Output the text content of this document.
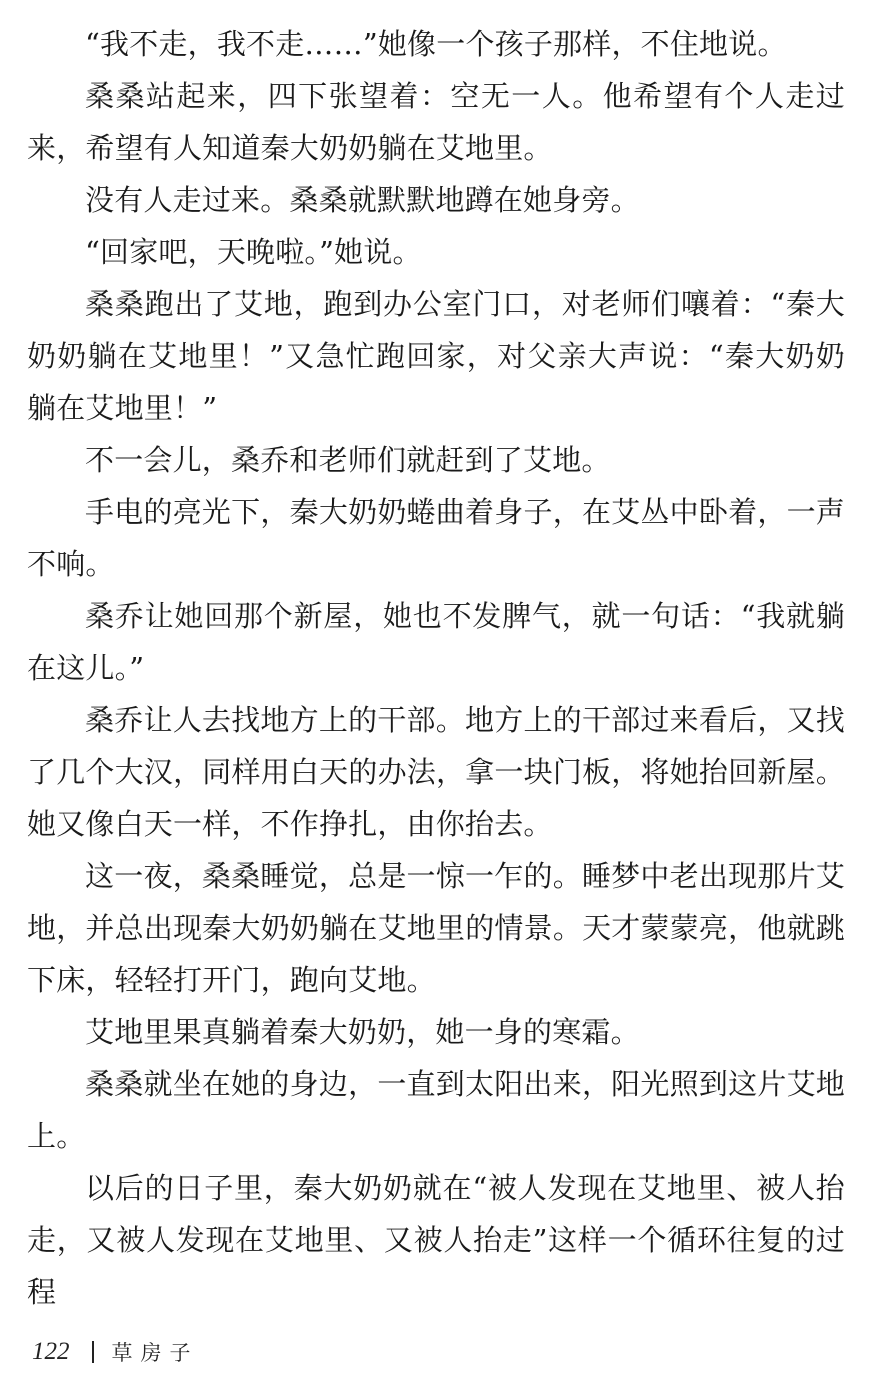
“我不走，我不走……”她像一个孩子那样，不住地说。

桑桑站起来，四下张望着：空无一人。他希望有个人走过来，希望有人知道秦大奶奶躺在艾地里。

没有人走过来。桑桑就默默地蹲在她身旁。

“回家吧，天晚啦。”她说。

桑桑跑出了艾地，跑到办公室门口，对老师们嚷着：“秦大奶奶躺在艾地里！”又急忙跑回家，对父亲大声说：“秦大奶奶躺在艾地里！”

不一会儿，桑乔和老师们就赶到了艾地。

手电的亮光下，秦大奶奶蜷曲着身子，在艾丛中卧着，一声不响。

桑乔让她回那个新屋，她也不发脾气，就一句话：“我就躺在这儿。”

桑乔让人去找地方上的干部。地方上的干部过来看后，又找了几个大汉，同样用白天的办法，拿一块门板，将她抬回新屋。她又像白天一样，不作挣扎，由你抬去。

这一夜，桑桑睡觉，总是一惊一乍的。睡梦中老出现那片艾地，并总出现秦大奶奶躺在艾地里的情景。天才蒙蒙亮，他就跳下床，轻轻打开门，跑向艾地。

艾地里果真躺着秦大奶奶，她一身的寒霜。

桑桑就坐在她的身边，一直到太阳出来，阳光照到这片艾地上。

以后的日子里，秦大奶奶就在“被人发现在艾地里、被人抬走，又被人发现在艾地里、又被人抬走”这样一个循环往复的过程

122 草房子
